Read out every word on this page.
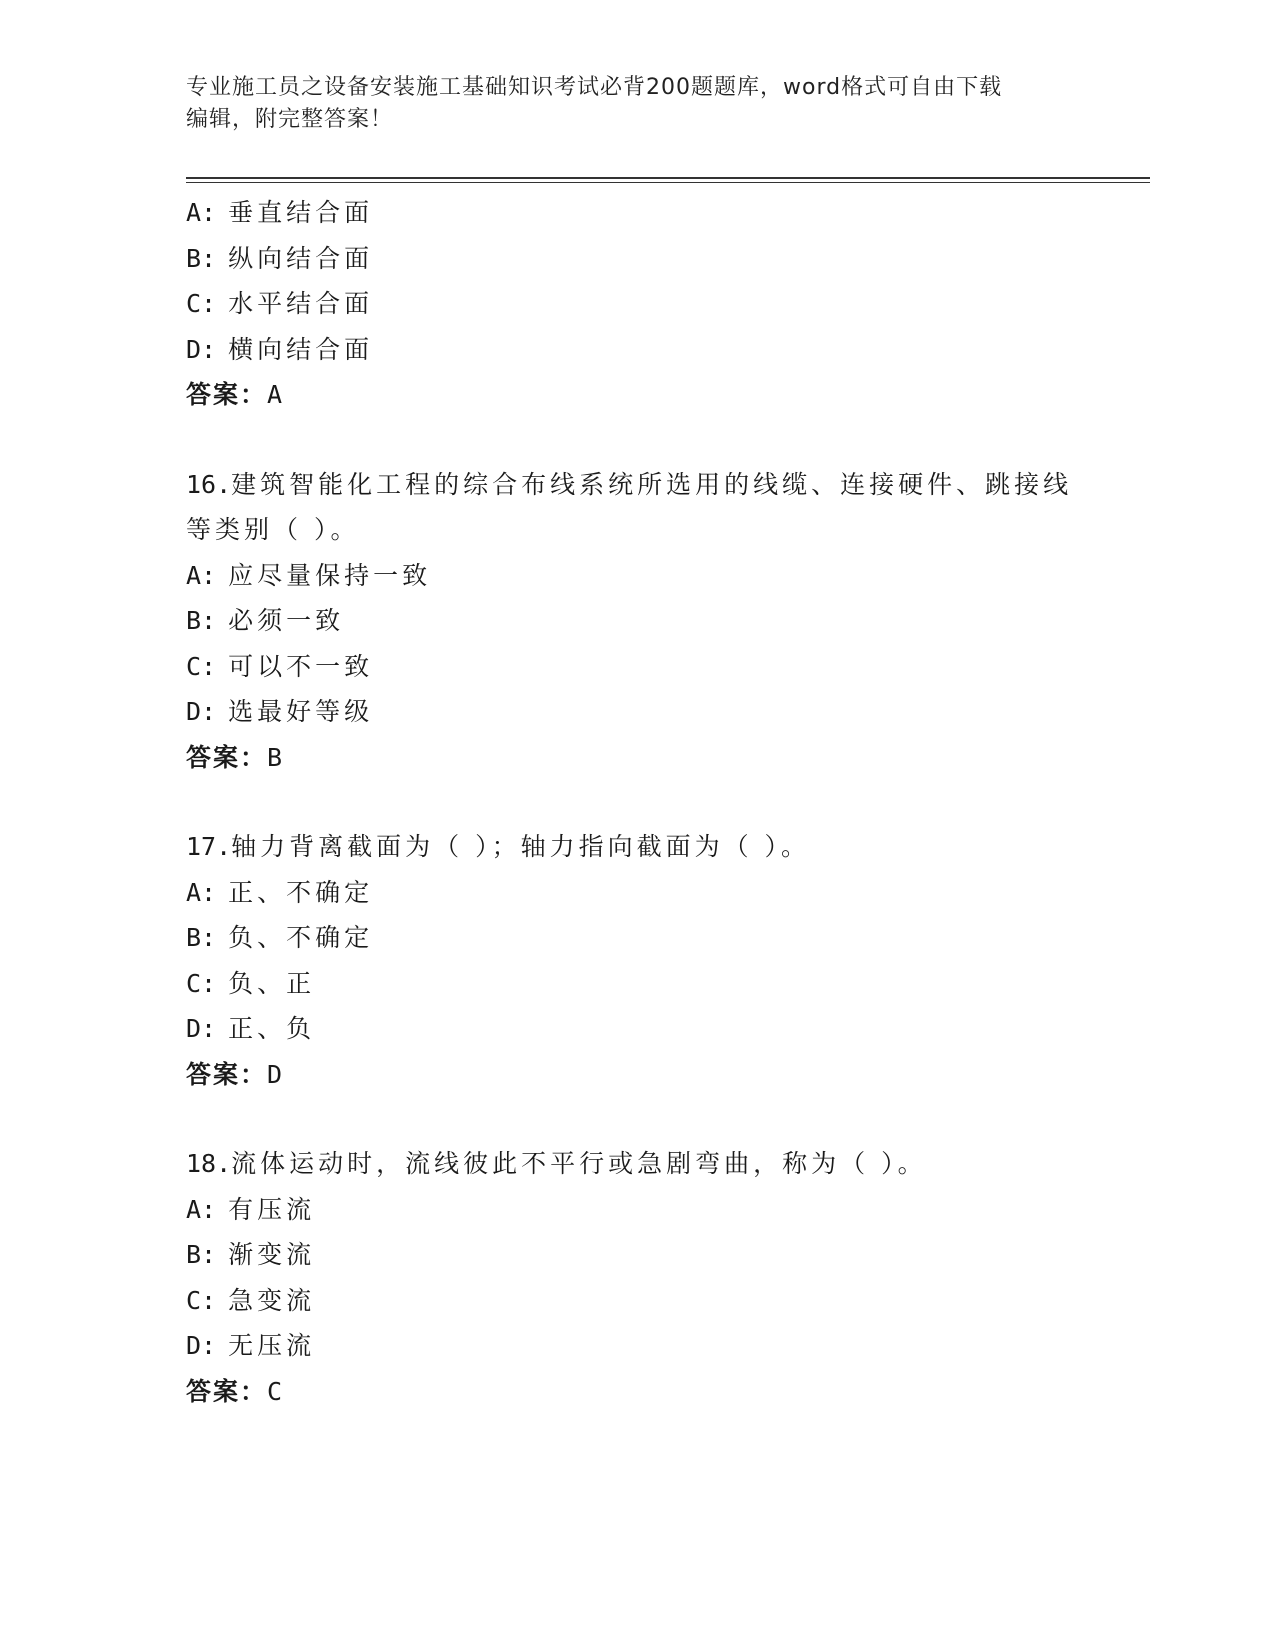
专业施工员之设备安装施工基础知识考试必背200题题库，word格式可自由下载
编辑，附完整答案！
A: 垂直结合面
B: 纵向结合面
C: 水平结合面
D: 横向结合面
答案：A
16.建筑智能化工程的综合布线系统所选用的线缆、连接硬件、跳接线
等类别（ ）。
A: 应尽量保持一致
B: 必须一致
C: 可以不一致
D: 选最好等级
答案：B
17.轴力背离截面为（ ）；轴力指向截面为（ ）。
A: 正、不确定
B: 负、不确定
C: 负、正
D: 正、负
答案：D
18.流体运动时，流线彼此不平行或急剧弯曲，称为（ ）。
A: 有压流
B: 渐变流
C: 急变流
D: 无压流
答案：C
